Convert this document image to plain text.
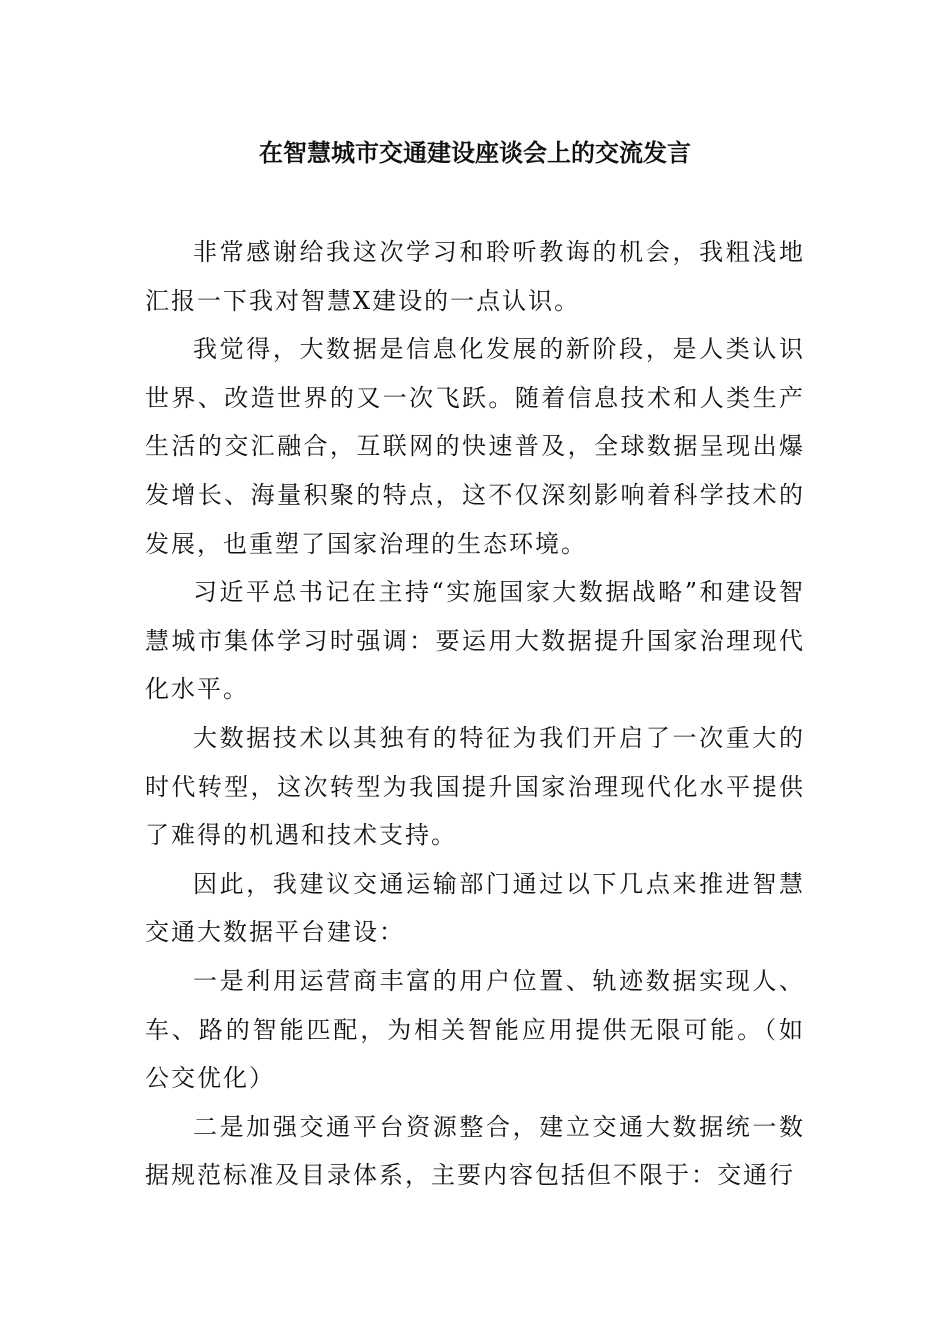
在智慧城市交通建设座谈会上的交流发言

非常感谢给我这次学习和聆听教诲的机会，我粗浅地汇报一下我对智慧X建设的一点认识。

我觉得，大数据是信息化发展的新阶段，是人类认识世界、改造世界的又一次飞跃。随着信息技术和人类生产生活的交汇融合，互联网的快速普及，全球数据呈现出爆发增长、海量积聚的特点，这不仅深刻影响着科学技术的发展，也重塑了国家治理的生态环境。

习近平总书记在主持“实施国家大数据战略”和建设智慧城市集体学习时强调：要运用大数据提升国家治理现代化水平。

大数据技术以其独有的特征为我们开启了一次重大的时代转型，这次转型为我国提升国家治理现代化水平提供了难得的机遇和技术支持。

因此，我建议交通运输部门通过以下几点来推进智慧交通大数据平台建设：

一是利用运营商丰富的用户位置、轨迹数据实现人、车、路的智能匹配，为相关智能应用提供无限可能。（如公交优化）

二是加强交通平台资源整合，建立交通大数据统一数据规范标准及目录体系，主要内容包括但不限于：交通行
